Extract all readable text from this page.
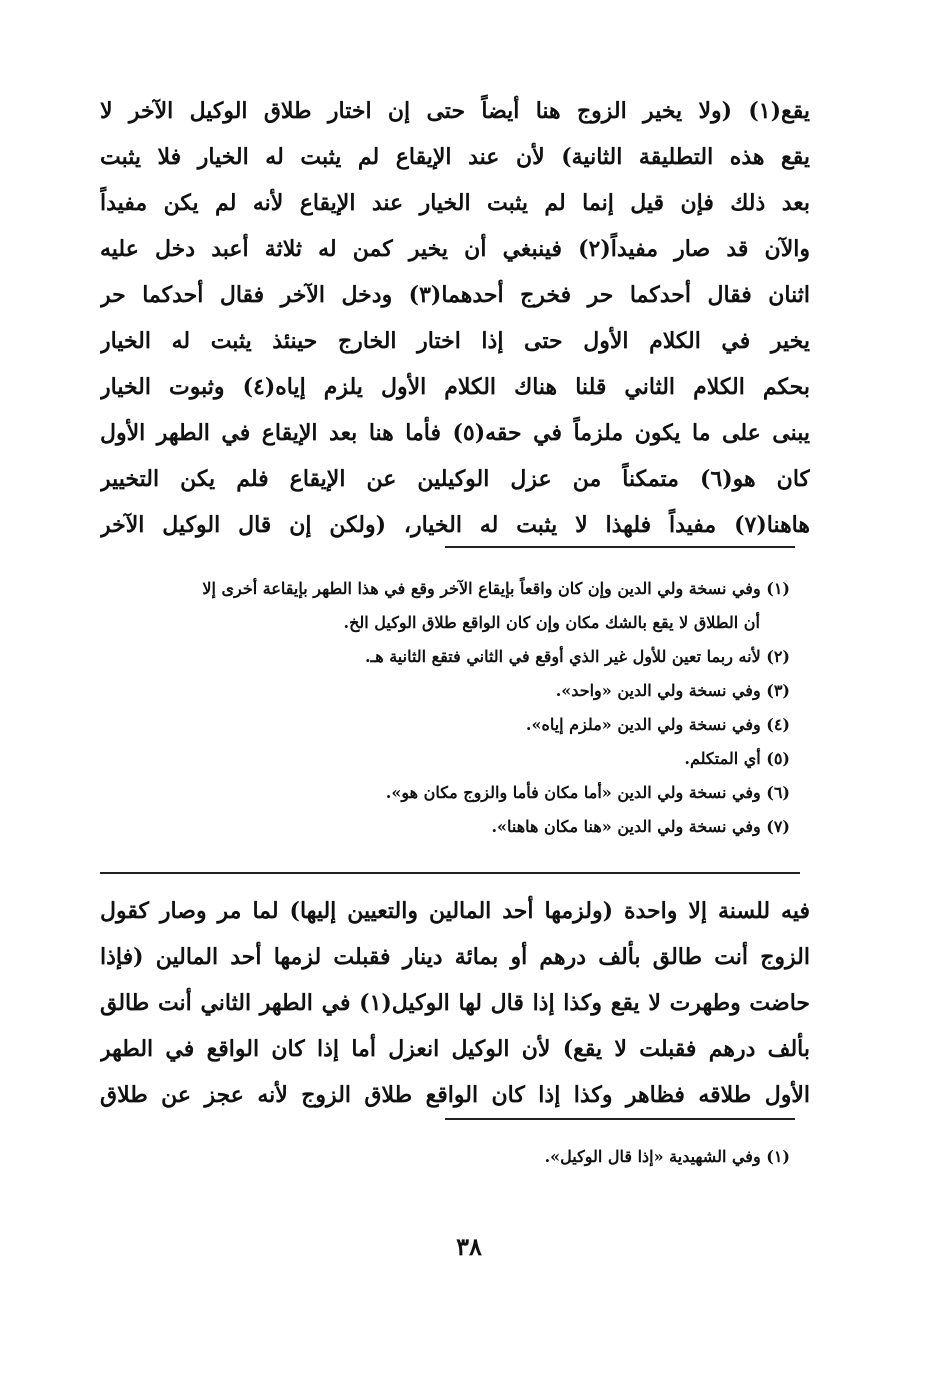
يقع(١) (ولا يخير الزوج هنا أيضاً حتى إن اختار طلاق الوكيل الآخر لا
يقع هذه التطليقة الثانية) لأن عند الإيقاع لم يثبت له الخيار فلا يثبت
بعد ذلك فإن قيل إنما لم يثبت الخيار عند الإيقاع لأنه لم يكن مفيداً
والآن قد صار مفيداً(٢) فينبغي أن يخير كمن له ثلاثة أعبد دخل عليه
اثنان فقال أحدكما حر فخرج أحدهما(٣) ودخل الآخر فقال أحدكما حر
يخير في الكلام الأول حتى إذا اختار الخارج حينئذ يثبت له الخيار
بحكم الكلام الثاني قلنا هناك الكلام الأول يلزم إياه(٤) وثبوت الخيار
يبنى على ما يكون ملزماً في حقه(٥) فأما هنا بعد الإيقاع في الطهر الأول
كان هو(٦) متمكناً من عزل الوكيلين عن الإيقاع فلم يكن التخيير
هاهنا(٧) مفيداً فلهذا لا يثبت له الخيار، (ولكن إن قال الوكيل الآخر
(١) وفي نسخة ولي الدين وإن كان واقعاً بإيقاع الآخر وقع في هذا الطهر بإيقاعة أخرى إلا
أن الطلاق لا يقع بالشك مكان وإن كان الواقع طلاق الوكيل الخ.
(٢) لأنه ربما تعين للأول غير الذي أوقع في الثاني فتقع الثانية هـ.
(٣) وفي نسخة ولي الدين «واحد».
(٤) وفي نسخة ولي الدين «ملزم إياه».
(٥) أي المتكلم.
(٦) وفي نسخة ولي الدين «أما مكان فأما والزوج مكان هو».
(٧) وفي نسخة ولي الدين «هنا مكان هاهنا».
فيه للسنة إلا واحدة (ولزمها أحد المالين والتعيين إليها) لما مر وصار كقول
الزوج أنت طالق بألف درهم أو بمائة دينار فقبلت لزمها أحد المالين (فإذا
حاضت وطهرت لا يقع وكذا إذا قال لها الوكيل(١) في الطهر الثاني أنت طالق
بألف درهم فقبلت لا يقع) لأن الوكيل انعزل أما إذا كان الواقع في الطهر
الأول طلاقه فظاهر وكذا إذا كان الواقع طلاق الزوج لأنه عجز عن طلاق
(١) وفي الشهيدية «إذا قال الوكيل».
٣٨
